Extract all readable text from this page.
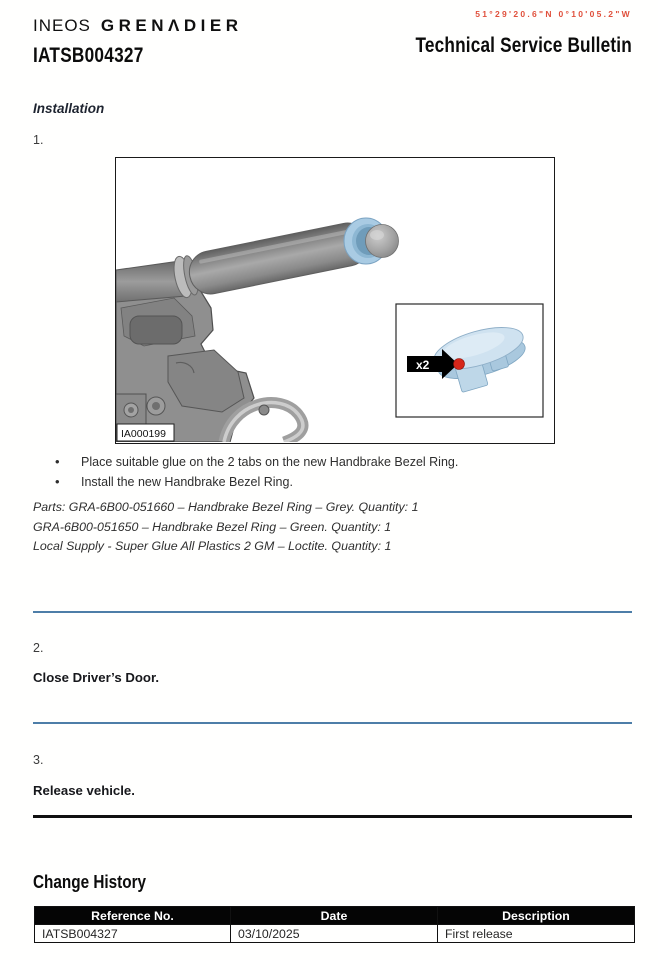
INEOS GRENΛDIER
IATSB004327
51°29'20.6"N 0°10'05.2"W
Technical Service Bulletin
Installation
1.
x2
IA000199
• Place suitable glue on the 2 tabs on the new Handbrake Bezel Ring.
• Install the new Handbrake Bezel Ring.
Parts: GRA-6B00-051660 – Handbrake Bezel Ring – Grey. Quantity: 1
GRA-6B00-051650 – Handbrake Bezel Ring – Green. Quantity: 1
Local Supply - Super Glue All Plastics 2 GM – Loctite. Quantity: 1
2.
Close Driver’s Door.
3.
Release vehicle.
Change History
Reference No.	Date	Description
IATSB004327	03/10/2025	First release
